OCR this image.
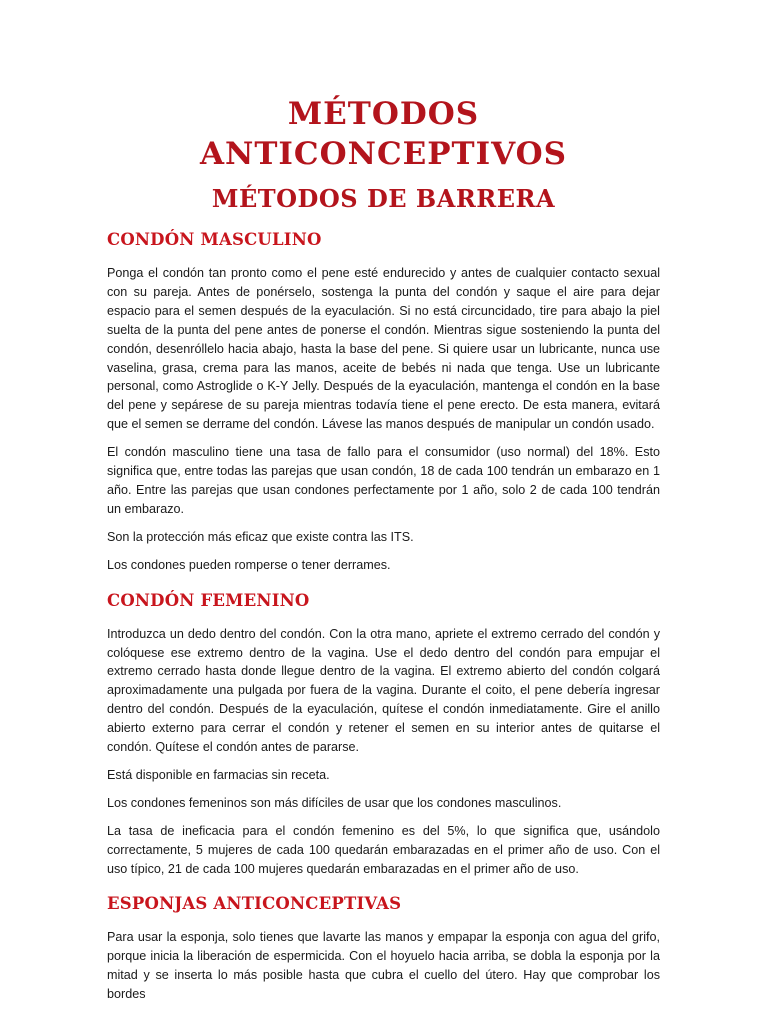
MÉTODOS ANTICONCEPTIVOS
MÉTODOS DE BARRERA
CONDÓN MASCULINO

Ponga el condón tan pronto como el pene esté endurecido y antes de cualquier contacto sexual con su pareja. Antes de ponérselo, sostenga la punta del condón y saque el aire para dejar espacio para el semen después de la eyaculación. Si no está circuncidado, tire para abajo la piel suelta de la punta del pene antes de ponerse el condón. Mientras sigue sosteniendo la punta del condón, desenróllelo hacia abajo, hasta la base del pene. Si quiere usar un lubricante, nunca use vaselina, grasa, crema para las manos, aceite de bebés ni nada que tenga. Use un lubricante personal, como Astroglide o K-Y Jelly. Después de la eyaculación, mantenga el condón en la base del pene y sepárese de su pareja mientras todavía tiene el pene erecto. De esta manera, evitará que el semen se derrame del condón. Lávese las manos después de manipular un condón usado.

El condón masculino tiene una tasa de fallo para el consumidor (uso normal) del 18%. Esto significa que, entre todas las parejas que usan condón, 18 de cada 100 tendrán un embarazo en 1 año. Entre las parejas que usan condones perfectamente por 1 año, solo 2 de cada 100 tendrán un embarazo.

Son la protección más eficaz que existe contra las ITS.

Los condones pueden romperse o tener derrames.

CONDÓN FEMENINO

Introduzca un dedo dentro del condón. Con la otra mano, apriete el extremo cerrado del condón y colóquese ese extremo dentro de la vagina. Use el dedo dentro del condón para empujar el extremo cerrado hasta donde llegue dentro de la vagina. El extremo abierto del condón colgará aproximadamente una pulgada por fuera de la vagina. Durante el coito, el pene debería ingresar dentro del condón. Después de la eyaculación, quítese el condón inmediatamente. Gire el anillo abierto externo para cerrar el condón y retener el semen en su interior antes de quitarse el condón. Quítese el condón antes de pararse.

Está disponible en farmacias sin receta.

Los condones femeninos son más difíciles de usar que los condones masculinos.

La tasa de ineficacia para el condón femenino es del 5%, lo que significa que, usándolo correctamente, 5 mujeres de cada 100 quedarán embarazadas en el primer año de uso. Con el uso típico, 21 de cada 100 mujeres quedarán embarazadas en el primer año de uso.

ESPONJAS ANTICONCEPTIVAS

Para usar la esponja, solo tienes que lavarte las manos y empapar la esponja con agua del grifo, porque inicia la liberación de espermicida. Con el hoyuelo hacia arriba, se dobla la esponja por la mitad y se inserta lo más posible hasta que cubra el cuello del útero. Hay que comprobar los bordes
